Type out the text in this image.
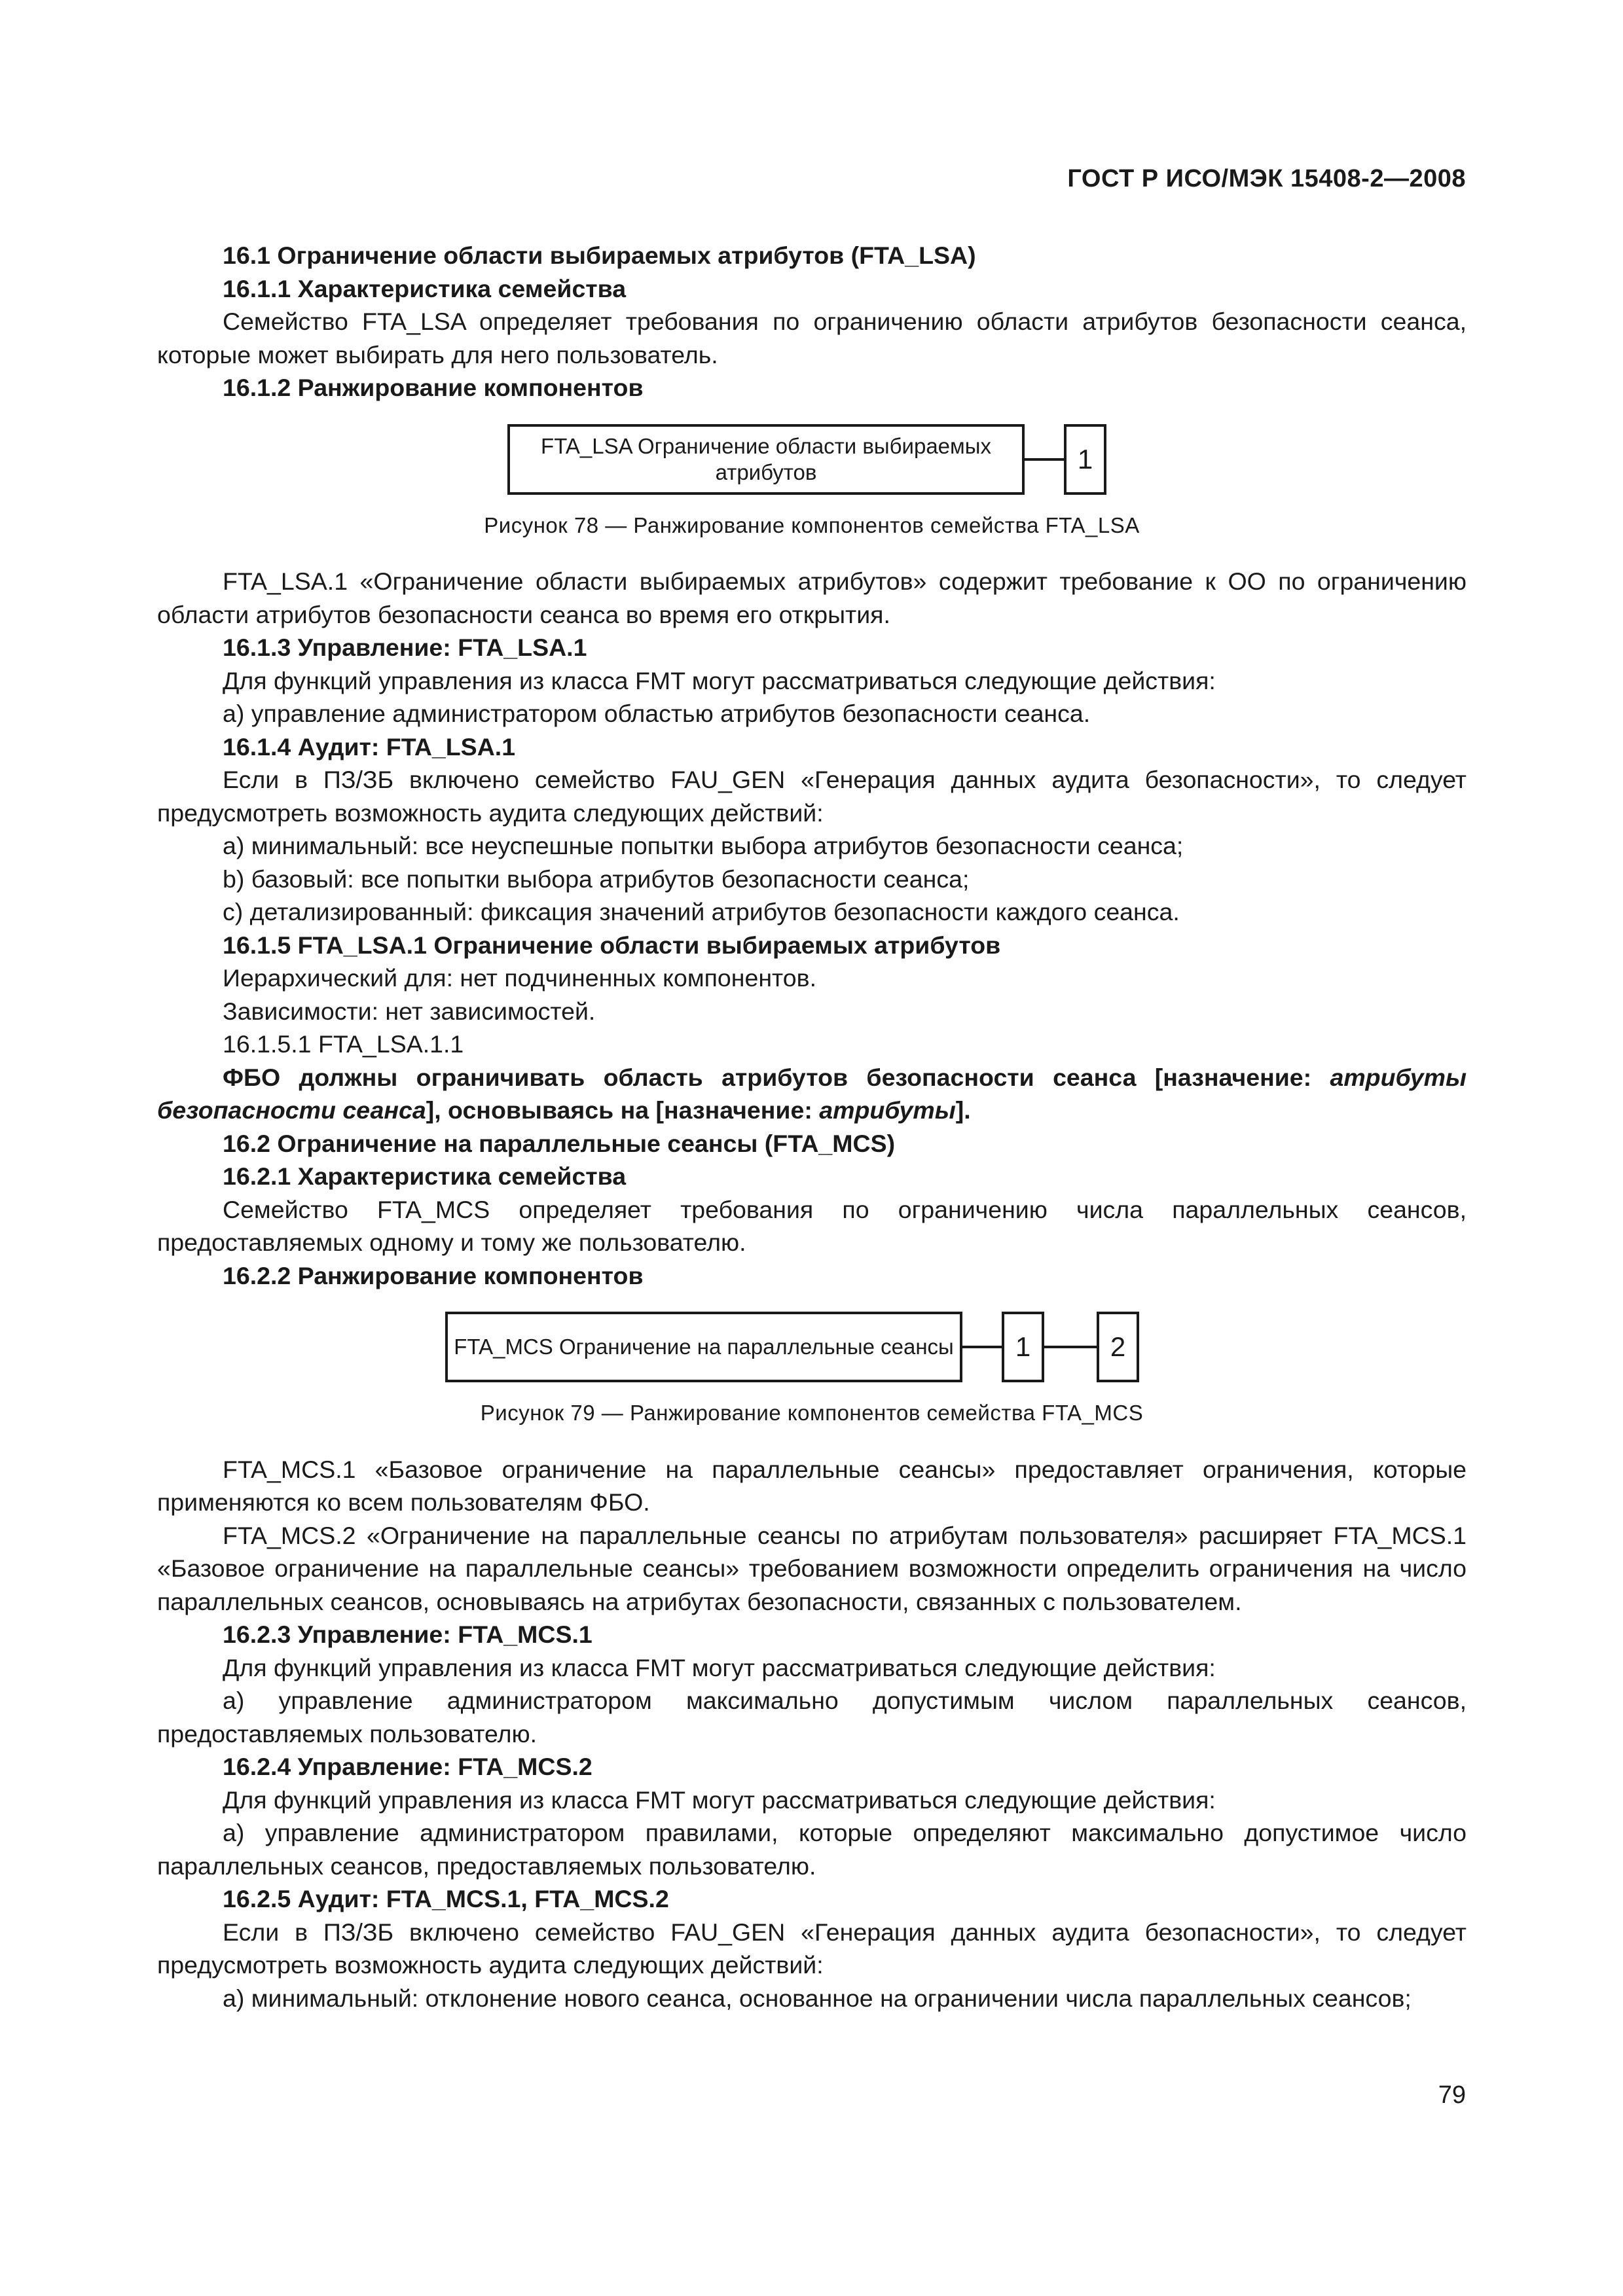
ГОСТ Р ИСО/МЭК 15408-2—2008

16.1 Ограничение области выбираемых атрибутов (FTA_LSA)

16.1.1 Характеристика семейства

Семейство FTA_LSA определяет требования по ограничению области атрибутов безопасности сеанса, которые может выбирать для него пользователь.

16.1.2 Ранжирование компонентов

FTA_LSA Ограничение области выбираемых атрибутов	1

Рисунок 78 — Ранжирование компонентов семейства FTA_LSA

FTA_LSA.1 «Ограничение области выбираемых атрибутов» содержит требование к ОО по ограничению области атрибутов безопасности сеанса во время его открытия.

16.1.3 Управление: FTA_LSA.1

Для функций управления из класса FMT могут рассматриваться следующие действия:

а) управление администратором областью атрибутов безопасности сеанса.

16.1.4 Аудит: FTA_LSA.1

Если в ПЗ/ЗБ включено семейство FAU_GEN «Генерация данных аудита безопасности», то следует предусмотреть возможность аудита следующих действий:

а) минимальный: все неуспешные попытки выбора атрибутов безопасности сеанса;

b) базовый: все попытки выбора атрибутов безопасности сеанса;

с) детализированный: фиксация значений атрибутов безопасности каждого сеанса.

16.1.5 FTA_LSA.1 Ограничение области выбираемых атрибутов

Иерархический для: нет подчиненных компонентов.

Зависимости: нет зависимостей.

16.1.5.1 FTA_LSA.1.1

ФБО должны ограничивать область атрибутов безопасности сеанса [назначение: атрибуты безопасности сеанса], основываясь на [назначение: атрибуты].

16.2 Ограничение на параллельные сеансы (FTA_MCS)

16.2.1 Характеристика семейства

Семейство FTA_MCS определяет требования по ограничению числа параллельных сеансов, предоставляемых одному и тому же пользователю.

16.2.2 Ранжирование компонентов

FTA_MCS Ограничение на параллельные сеансы	1	2

Рисунок 79 — Ранжирование компонентов семейства FTA_MCS

FTA_MCS.1 «Базовое ограничение на параллельные сеансы» предоставляет ограничения, которые применяются ко всем пользователям ФБО.

FTA_MCS.2 «Ограничение на параллельные сеансы по атрибутам пользователя» расширяет FTA_MCS.1 «Базовое ограничение на параллельные сеансы» требованием возможности определить ограничения на число параллельных сеансов, основываясь на атрибутах безопасности, связанных с пользователем.

16.2.3 Управление: FTA_MCS.1

Для функций управления из класса FMT могут рассматриваться следующие действия:

а) управление администратором максимально допустимым числом параллельных сеансов, предоставляемых пользователю.

16.2.4 Управление: FTA_MCS.2

Для функций управления из класса FMT могут рассматриваться следующие действия:

а) управление администратором правилами, которые определяют максимально допустимое число параллельных сеансов, предоставляемых пользователю.

16.2.5 Аудит: FTA_MCS.1, FTA_MCS.2

Если в ПЗ/ЗБ включено семейство FAU_GEN «Генерация данных аудита безопасности», то следует предусмотреть возможность аудита следующих действий:

а) минимальный: отклонение нового сеанса, основанное на ограничении числа параллельных сеансов;

79
